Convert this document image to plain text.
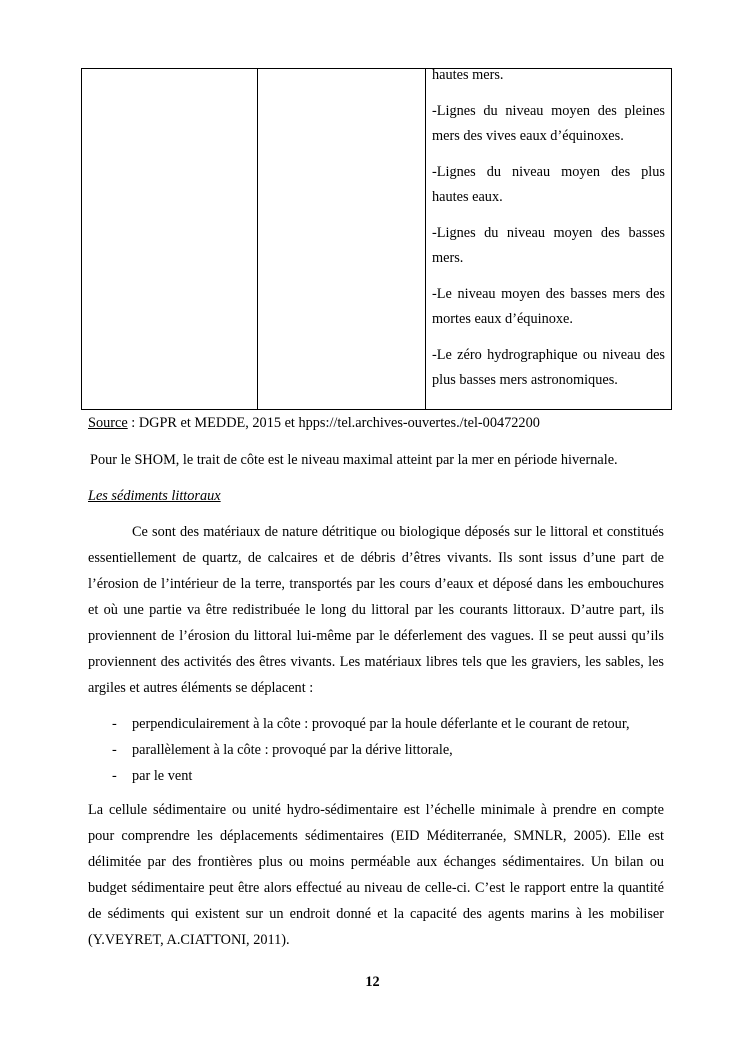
hautes mers.

-Lignes du niveau moyen des pleines mers des vives eaux d’équinoxes.

-Lignes du niveau moyen des plus hautes eaux.

-Lignes du niveau moyen des basses mers.

-Le niveau moyen des basses mers des mortes eaux d’équinoxe.

-Le zéro hydrographique ou niveau des plus basses mers astronomiques.

Source : DGPR et MEDDE, 2015 et hpps://tel.archives-ouvertes./tel-00472200
Pour le SHOM, le trait de côte est le niveau maximal atteint par la mer en période hivernale.
Les sédiments littoraux

Ce sont des matériaux de nature détritique ou biologique déposés sur le littoral et constitués essentiellement de quartz, de calcaires et de débris d’êtres vivants. Ils sont issus d’une part de l’érosion de l’intérieur de la terre, transportés par les cours d’eaux et déposé dans les embouchures et où une partie va être redistribuée le long du littoral par les courants littoraux. D’autre part, ils proviennent de l’érosion du littoral lui-même par le déferlement des vagues. Il se peut aussi qu’ils proviennent des activités des êtres vivants. Les matériaux libres tels que les graviers, les sables, les argiles et autres éléments se déplacent :

- perpendiculairement à la côte : provoqué par la houle déferlante et le courant de retour,
- parallèlement à la côte : provoqué par la dérive littorale,
- par le vent

La cellule sédimentaire ou unité hydro-sédimentaire est l’échelle minimale à prendre en compte pour comprendre les déplacements sédimentaires (EID Méditerranée, SMNLR, 2005). Elle est délimitée par des frontières plus ou moins perméable aux échanges sédimentaires. Un bilan ou budget sédimentaire peut être alors effectué au niveau de celle-ci. C’est le rapport entre la quantité de sédiments qui existent sur un endroit donné et la capacité des agents marins à les mobiliser (Y.VEYRET, A.CIATTONI, 2011).

12
